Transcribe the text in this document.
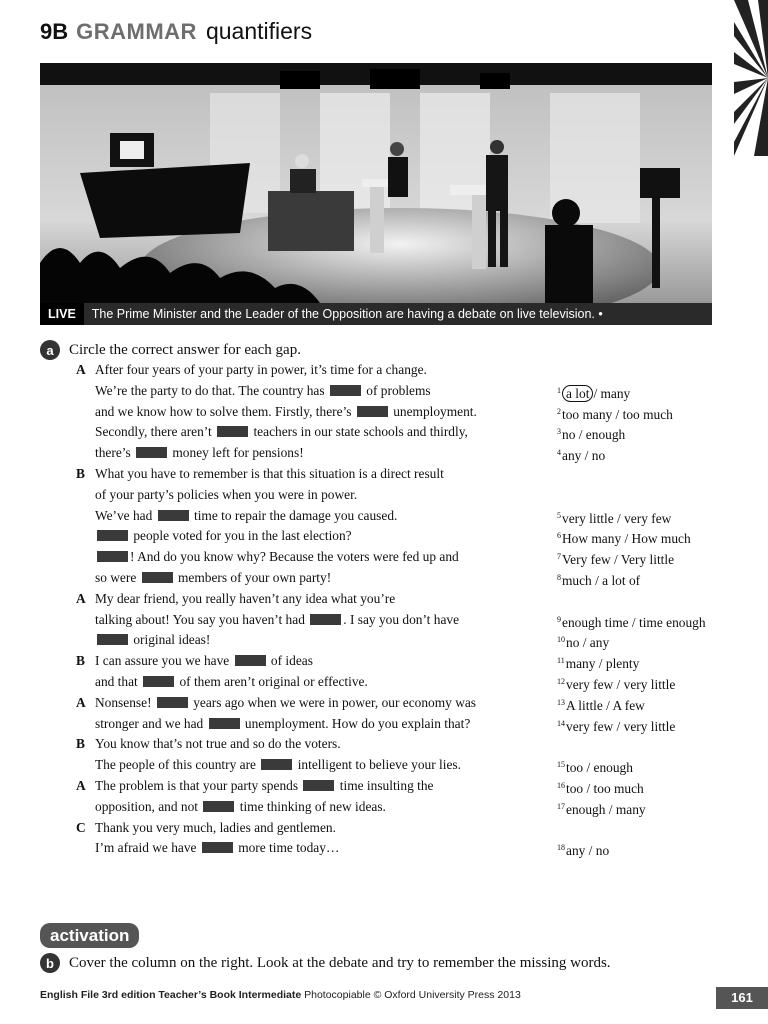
9B GRAMMAR quantifiers
LIVE	The Prime Minister and the Leader of the Opposition are having a debate on live television. •
a	Circle the correct answer for each gap.
A After four years of your party in power, it’s time for a change.
We’re the party to do that. The country has	of problems
and we know how to solve them. Firstly, there’s	unemployment.
Secondly, there aren’t	teachers in our state schools and thirdly,
there’s	money left for pensions!
B What you have to remember is that this situation is a direct result
of your party’s policies when you were in power.
We’ve had	time to repair the damage you caused.
people voted for you in the last election?
! And do you know why? Because the voters were fed up and
so were	members of your own party!
A My dear friend, you really haven’t any idea what you’re
talking about! You say you haven’t had	. I say you don’t have
original ideas!
B I can assure you we have	of ideas
and that	of them aren’t original or effective.
A Nonsense!	years ago when we were in power, our economy was
stronger and we had	unemployment. How do you explain that?
B You know that’s not true and so do the voters.
The people of this country are	intelligent to believe your lies.
A The problem is that your party spends	time insulting the
opposition, and not	time thinking of new ideas.
C Thank you very much, ladies and gentlemen.
I’m afraid we have	more time today…
$^1$ a lot / many
$^2$too many / too much
$^3$no / enough
$^4$any / no
$^5$very little / very few
$^6$How many / How much
$^7$Very few / Very little
$^8$much / a lot of
$^9$enough time / time enough
$^{10}$no / any
$^{11}$many / plenty
$^{12}$very few / very little
$^{13}$A little / A few
$^{14}$very few / very little
$^{15}$too / enough
$^{16}$too / too much
$^{17}$enough / many
$^{18}$any / no
activation
b	Cover the column on the right. Look at the debate and try to remember the missing words.
English File 3rd edition Teacher’s Book Intermediate Photocopiable © Oxford University Press 2013	161
